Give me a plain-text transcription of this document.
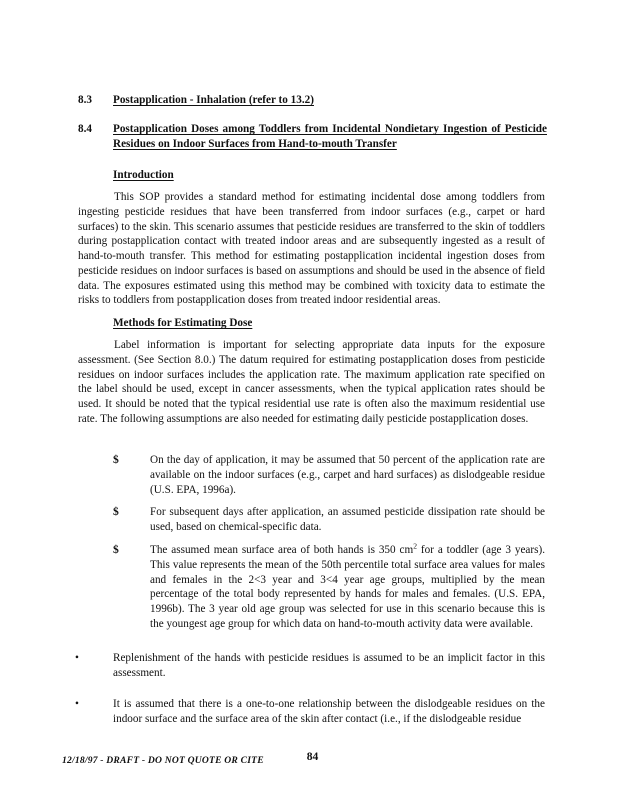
8.3	Postapplication - Inhalation (refer to 13.2)
8.4	Postapplication Doses among Toddlers from Incidental Nondietary Ingestion of Pesticide Residues on Indoor Surfaces from Hand-to-mouth Transfer
Introduction
This SOP provides a standard method for estimating incidental dose among toddlers from ingesting pesticide residues that have been transferred from indoor surfaces (e.g., carpet or hard surfaces) to the skin. This scenario assumes that pesticide residues are transferred to the skin of toddlers during postapplication contact with treated indoor areas and are subsequently ingested as a result of hand-to-mouth transfer. This method for estimating postapplication incidental ingestion doses from pesticide residues on indoor surfaces is based on assumptions and should be used in the absence of field data. The exposures estimated using this method may be combined with toxicity data to estimate the risks to toddlers from postapplication doses from treated indoor residential areas.
Methods for Estimating Dose
Label information is important for selecting appropriate data inputs for the exposure assessment. (See Section 8.0.) The datum required for estimating postapplication doses from pesticide residues on indoor surfaces includes the application rate. The maximum application rate specified on the label should be used, except in cancer assessments, when the typical application rates should be used. It should be noted that the typical residential use rate is often also the maximum residential use rate. The following assumptions are also needed for estimating daily pesticide postapplication doses.
$	On the day of application, it may be assumed that 50 percent of the application rate are available on the indoor surfaces (e.g., carpet and hard surfaces) as dislodgeable residue (U.S. EPA, 1996a).
$	For subsequent days after application, an assumed pesticide dissipation rate should be used, based on chemical-specific data.
$	The assumed mean surface area of both hands is 350 $cm^2$ for a toddler (age 3 years). This value represents the mean of the 50th percentile total surface area values for males and females in the 2<3 year and 3<4 year age groups, multiplied by the mean percentage of the total body represented by hands for males and females. (U.S. EPA, 1996b). The 3 year old age group was selected for use in this scenario because this is the youngest age group for which data on hand-to-mouth activity data were available.
•	Replenishment of the hands with pesticide residues is assumed to be an implicit factor in this assessment.
•	It is assumed that there is a one-to-one relationship between the dislodgeable residues on the indoor surface and the surface area of the skin after contact (i.e., if the dislodgeable residue
12/18/97 - DRAFT - DO NOT QUOTE OR CITE	84
